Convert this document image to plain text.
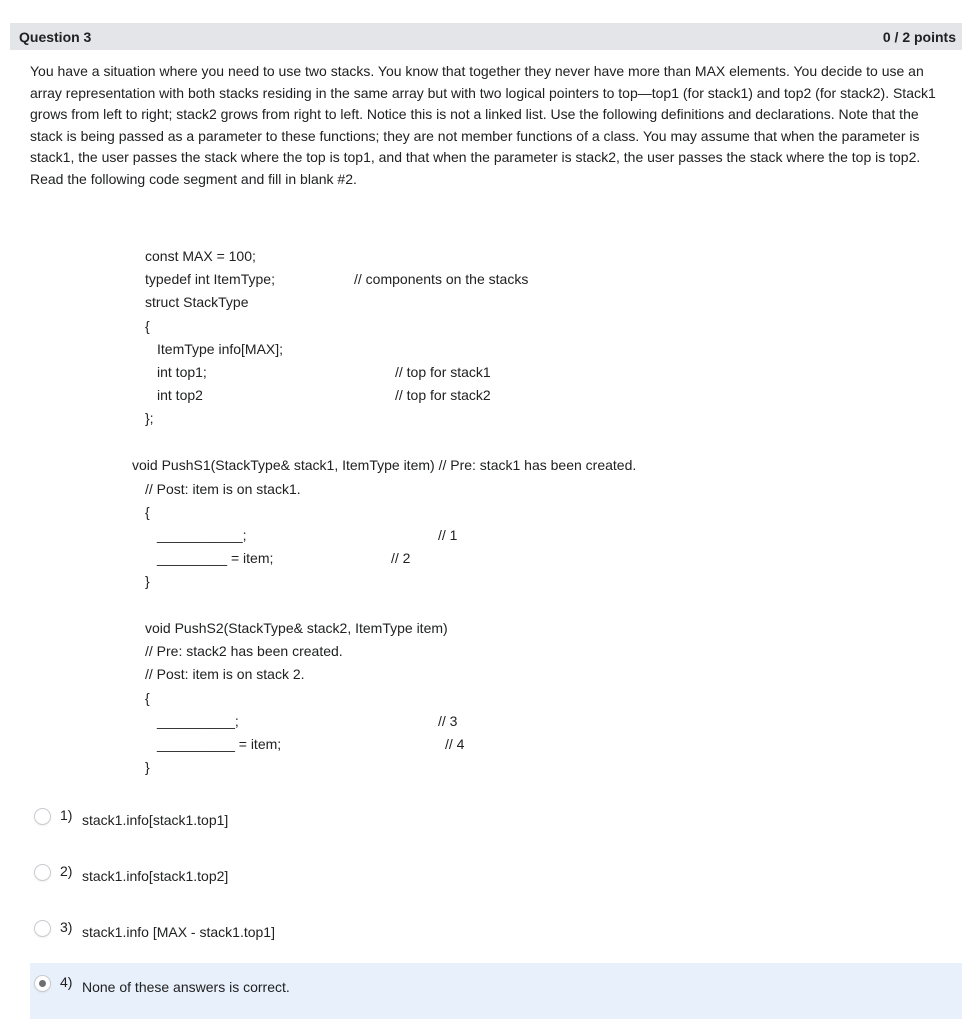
Question 3	0 / 2 points
You have a situation where you need to use two stacks. You know that together they never have more than MAX elements. You decide to use an array representation with both stacks residing in the same array but with two logical pointers to top—top1 (for stack1) and top2 (for stack2). Stack1 grows from left to right; stack2 grows from right to left. Notice this is not a linked list. Use the following definitions and declarations. Note that the stack is being passed as a parameter to these functions; they are not member functions of a class. You may assume that when the parameter is stack1, the user passes the stack where the top is top1, and that when the parameter is stack2, the user passes the stack where the top is top2. Read the following code segment and fill in blank #2.
const MAX = 100;
typedef int ItemType;	// components on the stacks
struct StackType
{
ItemType info[MAX];
int top1;	// top for stack1
int top2	// top for stack2
};
void PushS1(StackType& stack1, ItemType item) // Pre: stack1 has been created.
// Post: item is on stack1.
{
___________;	// 1
_________ = item;	// 2
}
void PushS2(StackType& stack2, ItemType item)
// Pre: stack2 has been created.
// Post: item is on stack 2.
{
__________;	// 3
__________ = item;	// 4
}
1) stack1.info[stack1.top1]
2) stack1.info[stack1.top2]
3) stack1.info [MAX - stack1.top1]
4) None of these answers is correct.
